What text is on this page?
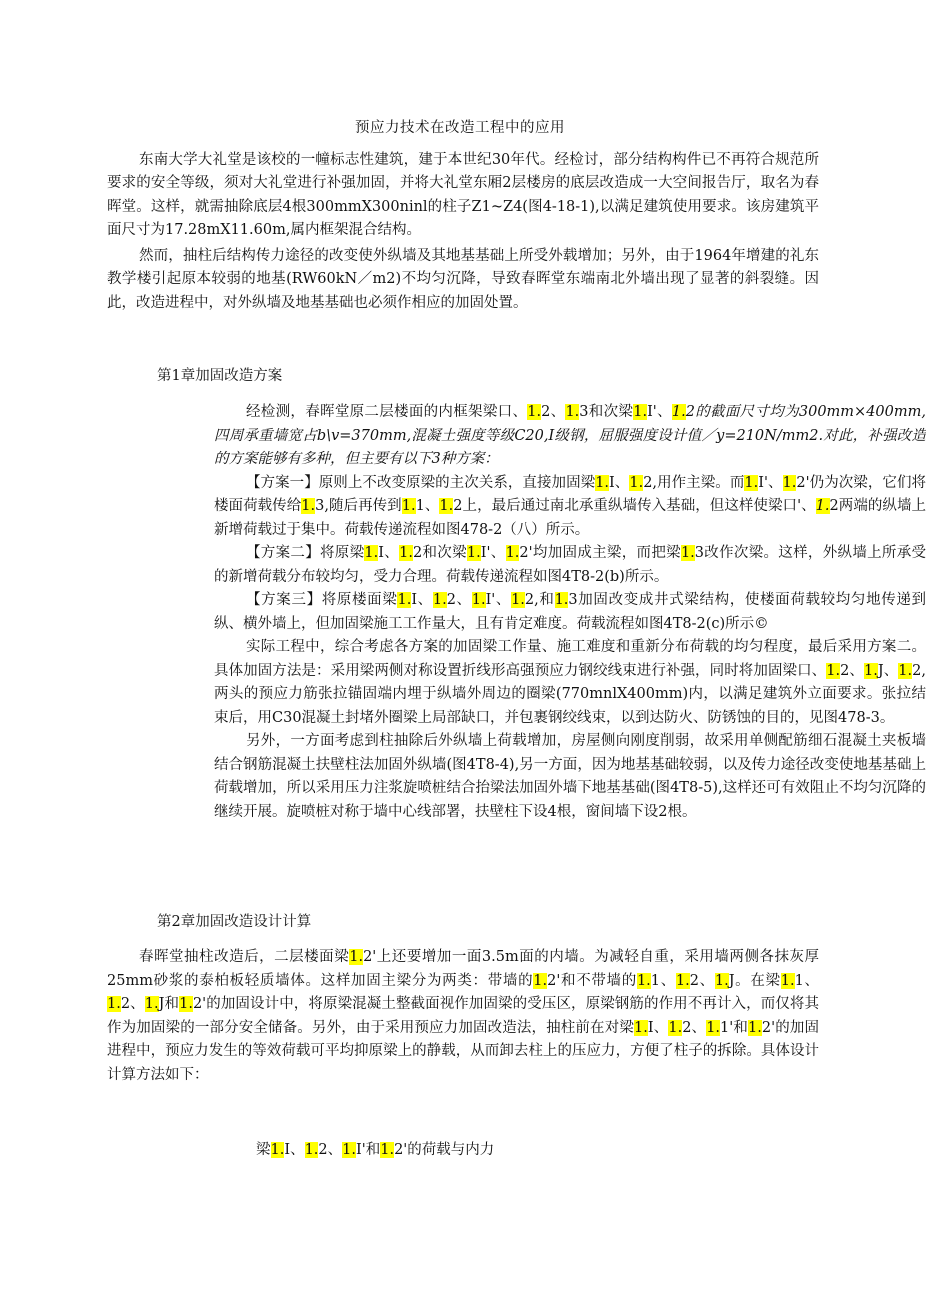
预应力技术在改造工程中的应用

东南大学大礼堂是该校的一幢标志性建筑，建于本世纪30年代。经检讨，部分结构构件已不再符合规范所要求的安全等级，须对大礼堂进行补强加固，并将大礼堂东厢2层楼房的底层改造成一大空间报告厅，取名为春晖堂。这样，就需抽除底层4根300mmX300ninl的柱子Z1~Z4(图4-18-1),以满足建筑使用要求。该房建筑平面尺寸为17.28mX11.60m,属内框架混合结构。

然而，抽柱后结构传力途径的改变使外纵墙及其地基基础上所受外载增加；另外，由于1964年增建的礼东教学楼引起原本较弱的地基(RW60kN／m2)不均匀沉降，导致春晖堂东端南北外墙出现了显著的斜裂缝。因此，改造进程中，对外纵墙及地基基础也必须作相应的加固处置。

第1章加固改造方案

经检测，春晖堂原二层楼面的内框架梁口、1.2、1.3和次梁1.I'、1.2的截面尺寸均为300mm×400mm,四周承重墙宽占b\v=370mm,混凝土强度等级C20,I级钢，屈服强度设计值／y=210N/mm2.对此，补强改造的方案能够有多种，但主要有以下3种方案：

【方案一】原则上不改变原梁的主次关系，直接加固梁1.I、1.2,用作主梁。而1.I'、1.2'仍为次梁，它们将楼面荷载传给1.3,随后再传到1.1、1.2上，最后通过南北承重纵墙传入基础，但这样使梁口'、1.2两端的纵墙上新增荷载过于集中。荷载传递流程如图478-2（八）所示。

【方案二】将原梁1.I、1.2和次梁1.I'、1.2'均加固成主梁，而把梁1.3改作次梁。这样，外纵墙上所承受的新增荷载分布较均匀，受力合理。荷载传递流程如图4T8-2(b)所示。

【方案三】将原楼面梁1.I、1.2、1.I'、1.2,和1.3加固改变成井式梁结构，使楼面荷载较均匀地传递到纵、横外墙上，但加固梁施工工作量大，且有肯定难度。荷载流程如图4T8-2(c)所示©

实际工程中，综合考虑各方案的加固梁工作量、施工难度和重新分布荷载的均匀程度，最后采用方案二。具体加固方法是：采用梁两侧对称设置折线形高强预应力钢绞线束进行补强，同时将加固梁口、1.2、1.J、1.2,两头的预应力筋张拉锚固端内埋于纵墙外周边的圈梁(770mnlX400mm)内，以满足建筑外立面要求。张拉结束后，用C30混凝土封堵外圈梁上局部缺口，并包裹钢绞线束，以到达防火、防锈蚀的目的，见图478-3。

另外，一方面考虑到柱抽除后外纵墙上荷载增加，房屋侧向刚度削弱，故采用单侧配筋细石混凝土夹板墙结合钢筋混凝土扶壁柱法加固外纵墙(图4T8-4),另一方面，因为地基基础较弱，以及传力途径改变使地基基础上荷载增加，所以采用压力注浆旋喷桩结合抬梁法加固外墙下地基基础(图4T8-5),这样还可有效阻止不均匀沉降的继续开展。旋喷桩对称于墙中心线部署，扶壁柱下设4根，窗间墙下设2根。

第2章加固改造设计计算

春晖堂抽柱改造后，二层楼面梁1.2'上还要增加一面3.5m面的内墙。为减轻自重，采用墙两侧各抹灰厚25mm砂浆的泰柏板轻质墙体。这样加固主梁分为两类：带墙的1.2'和不带墙的1.1、1.2、1.J。在梁1.1、1.2、1.J和1.2'的加固设计中，将原梁混凝土整截面视作加固梁的受压区，原梁钢筋的作用不再计入，而仅将其作为加固梁的一部分安全储备。另外，由于采用预应力加固改造法，抽柱前在对梁1.I、1.2、1.1'和1.2'的加固进程中，预应力发生的等效荷载可平均抑原梁上的静载，从而卸去柱上的压应力，方便了柱子的拆除。具体设计计算方法如下：

梁1.I、1.2、1.I'和1.2'的荷载与内力
